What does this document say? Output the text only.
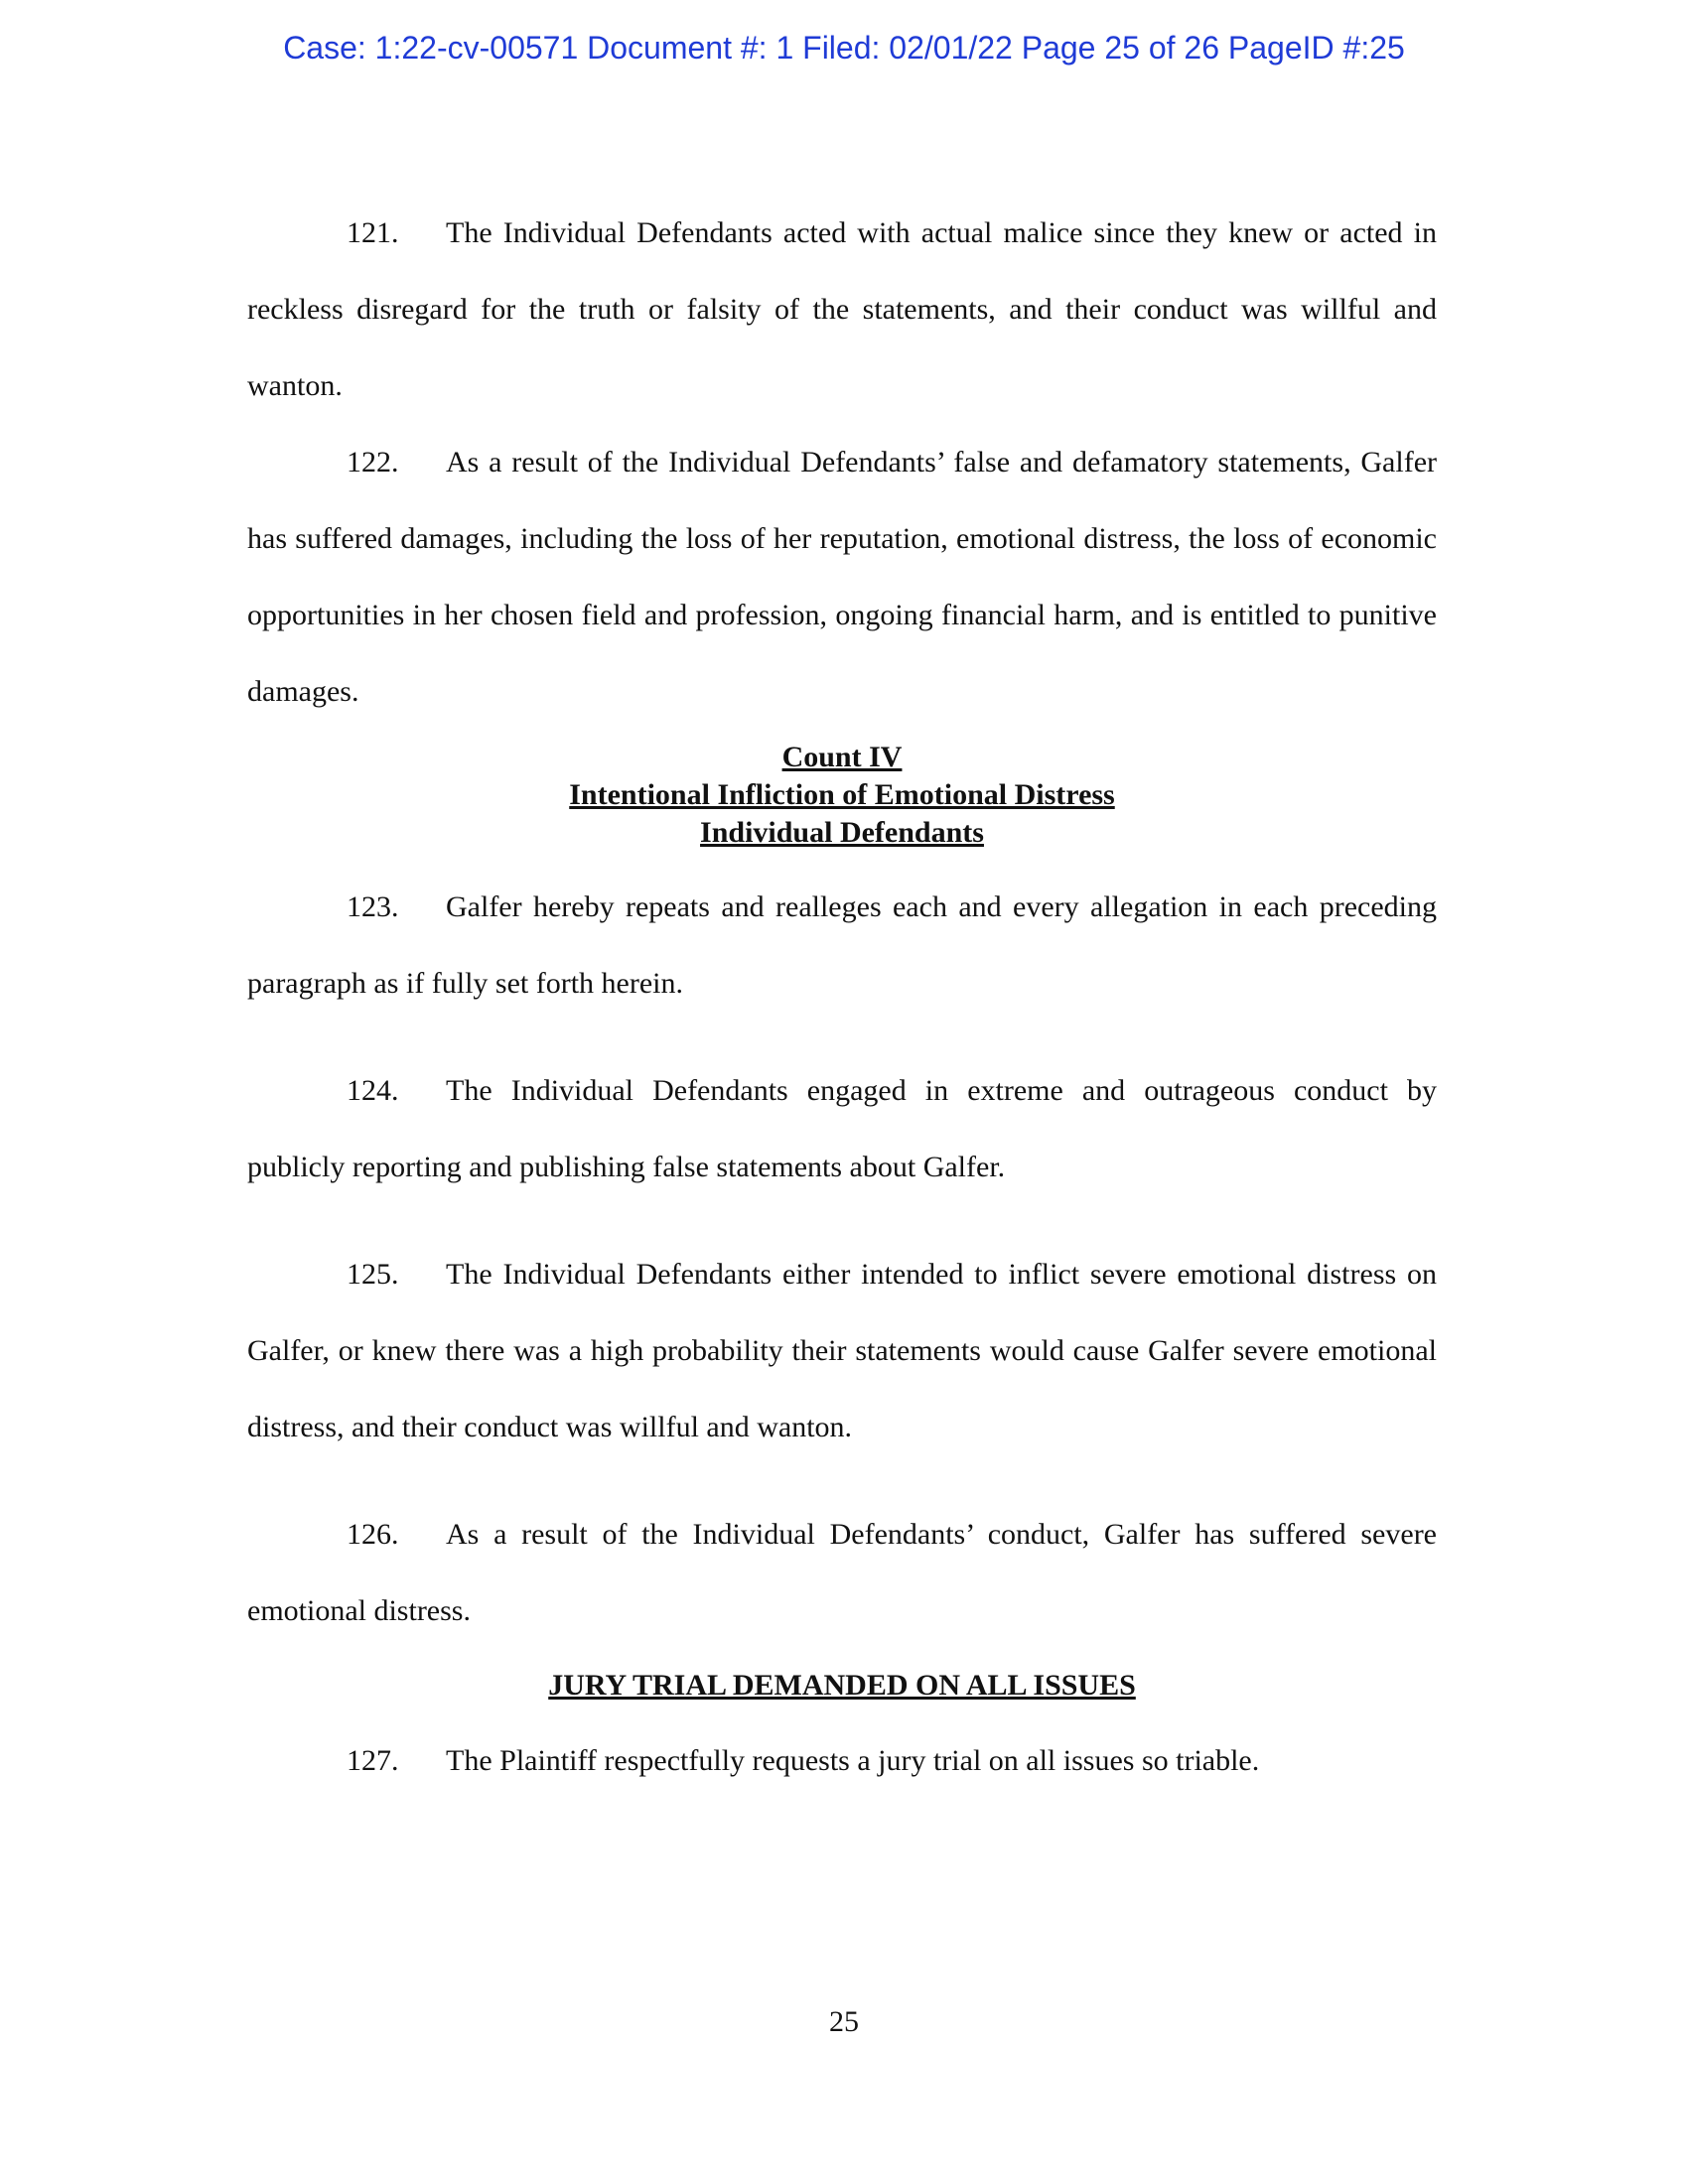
Case: 1:22-cv-00571 Document #: 1 Filed: 02/01/22 Page 25 of 26 PageID #:25

121. The Individual Defendants acted with actual malice since they knew or acted in reckless disregard for the truth or falsity of the statements, and their conduct was willful and wanton.

122. As a result of the Individual Defendants’ false and defamatory statements, Galfer has suffered damages, including the loss of her reputation, emotional distress, the loss of economic opportunities in her chosen field and profession, ongoing financial harm, and is entitled to punitive damages.

Count IV
Intentional Infliction of Emotional Distress
Individual Defendants

123. Galfer hereby repeats and realleges each and every allegation in each preceding paragraph as if fully set forth herein.

124. The Individual Defendants engaged in extreme and outrageous conduct by publicly reporting and publishing false statements about Galfer.

125. The Individual Defendants either intended to inflict severe emotional distress on Galfer, or knew there was a high probability their statements would cause Galfer severe emotional distress, and their conduct was willful and wanton.

126. As a result of the Individual Defendants’ conduct, Galfer has suffered severe emotional distress.

JURY TRIAL DEMANDED ON ALL ISSUES

127. The Plaintiff respectfully requests a jury trial on all issues so triable.

25
